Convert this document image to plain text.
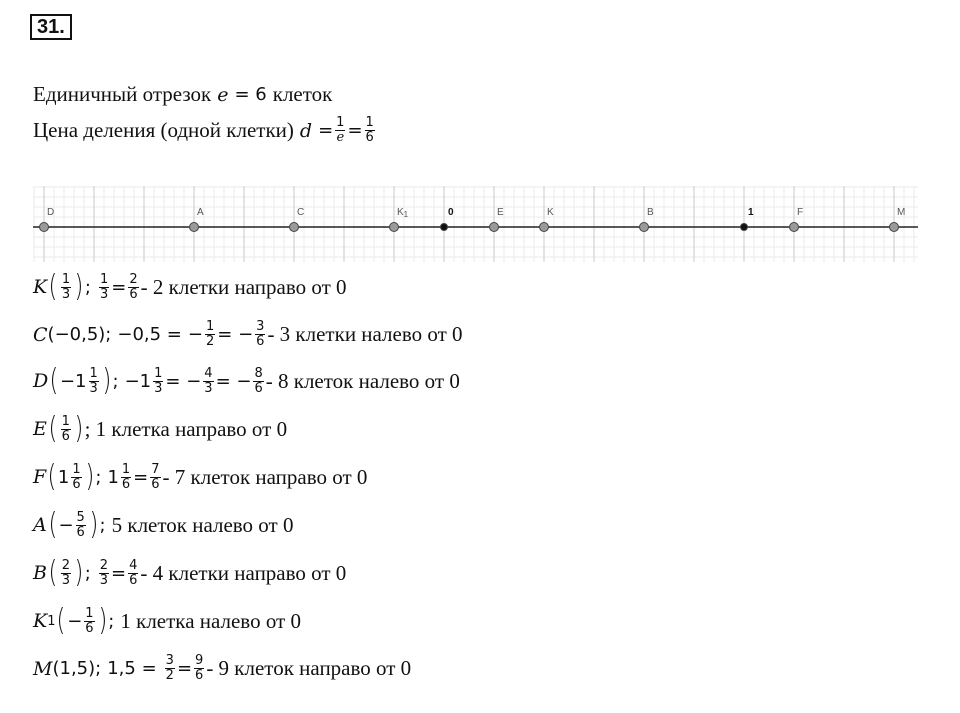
31.
Единичный отрезок e = 6 клеток
Цена деления (одной клетки) $d = \frac{1}{e} = \frac{1}{6}$
D	A	C	$K_1$	0	E	K	B	1	F	M
K ( $\frac{1}{3}$ ) ; $\frac{1}{3} = \frac{2}{6} - 2$ клетки направо от 0
C (−0,5); −0,5 = − $\frac{1}{2}$ = − $\frac{3}{6} - 3$ клетки налево от 0
D ( $-1 \frac{1}{3}$ ) ; $-1 \frac{1}{3}$ = − $\frac{4}{3}$ = − $\frac{8}{6} - 8$ клеток налево от 0
E ( $\frac{1}{6}$ ) ; 1 клетка направо от 0
F ( $1 \frac{1}{6}$ ) ; $1 \frac{1}{6} = \frac{7}{6} - 7$ клеток направо от 0
A ( − $\frac{5}{6}$ ) ; 5 клеток налево от 0
B ( $\frac{2}{3}$ ) ; $\frac{2}{3} = \frac{4}{6} - 4$ клетки направо от 0
K 1 ( − $\frac{1}{6}$ ) ; 1 клетка налево от 0
M (1,5); $1,5 = \frac{3}{2} = \frac{9}{6} - 9$ клеток направо от 0
